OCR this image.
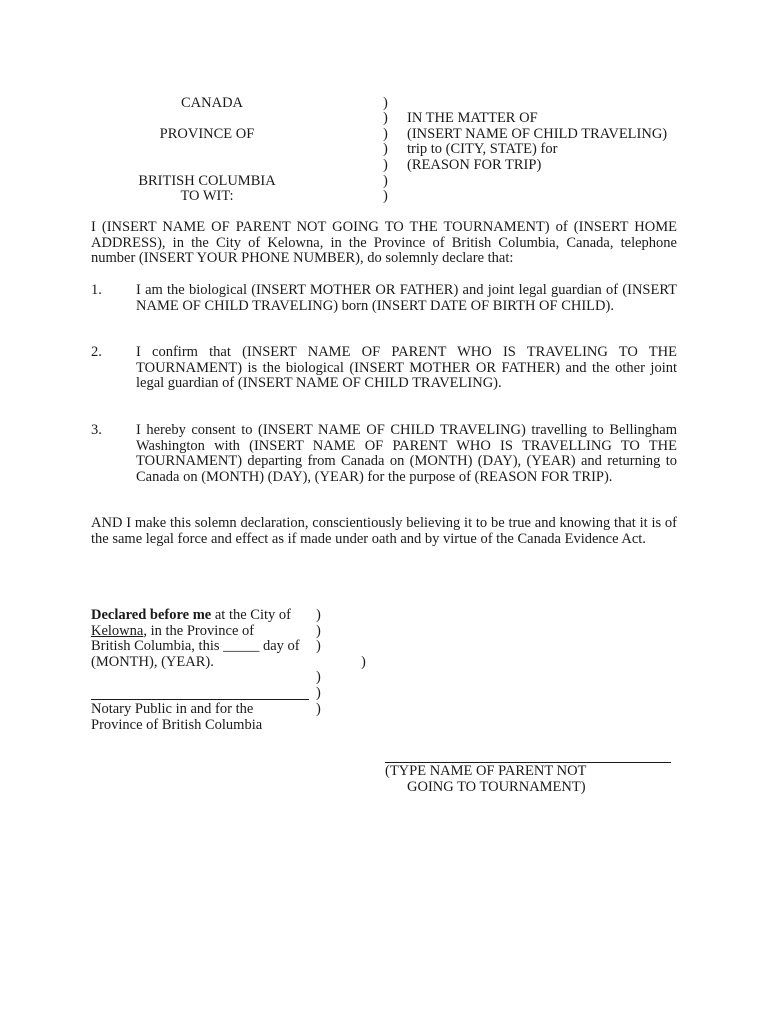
CANADA
PROVINCE OF
BRITISH COLUMBIA
TO WIT:
)
)
)
)
)
)
)
IN THE MATTER OF
(INSERT NAME OF CHILD TRAVELING)
trip to (CITY, STATE) for
(REASON FOR TRIP)
I (INSERT NAME OF PARENT NOT GOING TO THE TOURNAMENT) of (INSERT HOME ADDRESS), in the City of Kelowna, in the Province of British Columbia, Canada, telephone number (INSERT YOUR PHONE NUMBER), do solemnly declare that:
1. I am the biological (INSERT MOTHER OR FATHER) and joint legal guardian of (INSERT NAME OF CHILD TRAVELING) born (INSERT DATE OF BIRTH OF CHILD).
2. I confirm that (INSERT NAME OF PARENT WHO IS TRAVELING TO THE TOURNAMENT) is the biological (INSERT MOTHER OR FATHER) and the other joint legal guardian of (INSERT NAME OF CHILD TRAVELING).
3. I hereby consent to (INSERT NAME OF CHILD TRAVELING) travelling to Bellingham Washington with (INSERT NAME OF PARENT WHO IS TRAVELLING TO THE TOURNAMENT) departing from Canada on (MONTH) (DAY), (YEAR) and returning to Canada on (MONTH) (DAY), (YEAR) for the purpose of (REASON FOR TRIP).
AND I make this solemn declaration, conscientiously believing it to be true and knowing that it is of the same legal force and effect as if made under oath and by virtue of the Canada Evidence Act.
Declared before me at the City of
Kelowna, in the Province of
British Columbia, this _____ day of
(MONTH), (YEAR).
)
)
)
)
)
)
)
Notary Public in and for the
Province of British Columbia
(TYPE NAME OF PARENT NOT
GOING TO TOURNAMENT)
